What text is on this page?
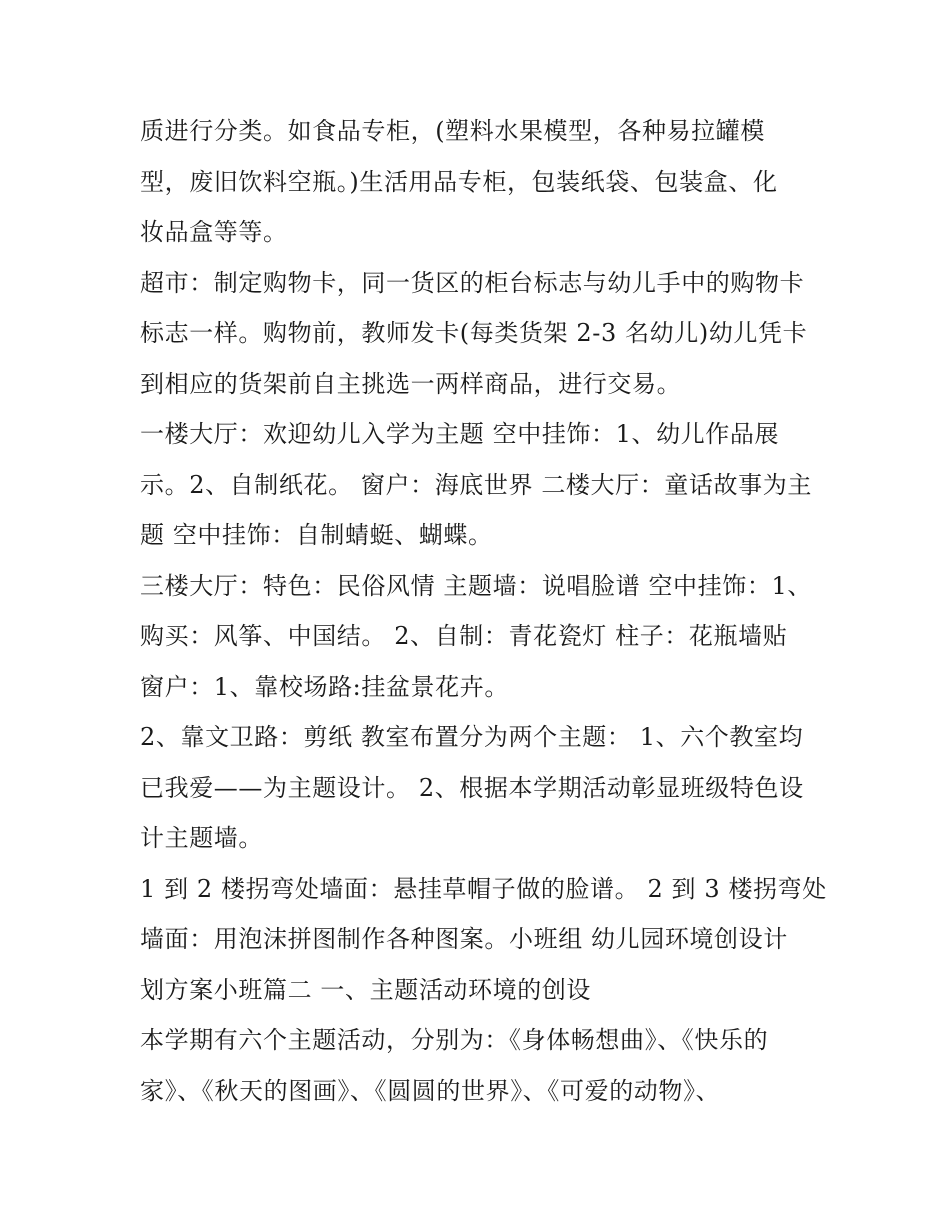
质进行分类。如食品专柜，(塑料水果模型，各种易拉罐模
型，废旧饮料空瓶。)生活用品专柜，包装纸袋、包装盒、化
妆品盒等等。
超市：制定购物卡，同一货区的柜台标志与幼儿手中的购物卡
标志一样。购物前，教师发卡(每类货架 2-3 名幼儿)幼儿凭卡
到相应的货架前自主挑选一两样商品，进行交易。
一楼大厅：欢迎幼儿入学为主题 空中挂饰：1、幼儿作品展
示。2、自制纸花。 窗户：海底世界 二楼大厅：童话故事为主
题 空中挂饰：自制蜻蜓、蝴蝶。
三楼大厅：特色：民俗风情 主题墙：说唱脸谱 空中挂饰：1、
购买：风筝、中国结。 2、自制：青花瓷灯 柱子：花瓶墙贴
窗户：1、靠校场路:挂盆景花卉。
2、靠文卫路：剪纸 教室布置分为两个主题： 1、六个教室均
已我爱——为主题设计。 2、根据本学期活动彰显班级特色设
计主题墙。
1 到 2 楼拐弯处墙面：悬挂草帽子做的脸谱。 2 到 3 楼拐弯处
墙面：用泡沫拼图制作各种图案。小班组 幼儿园环境创设计
划方案小班篇二 一、主题活动环境的创设
本学期有六个主题活动，分别为：《身体畅想曲》、《快乐的
家》、《秋天的图画》、《圆圆的世界》、《可爱的动物》、
